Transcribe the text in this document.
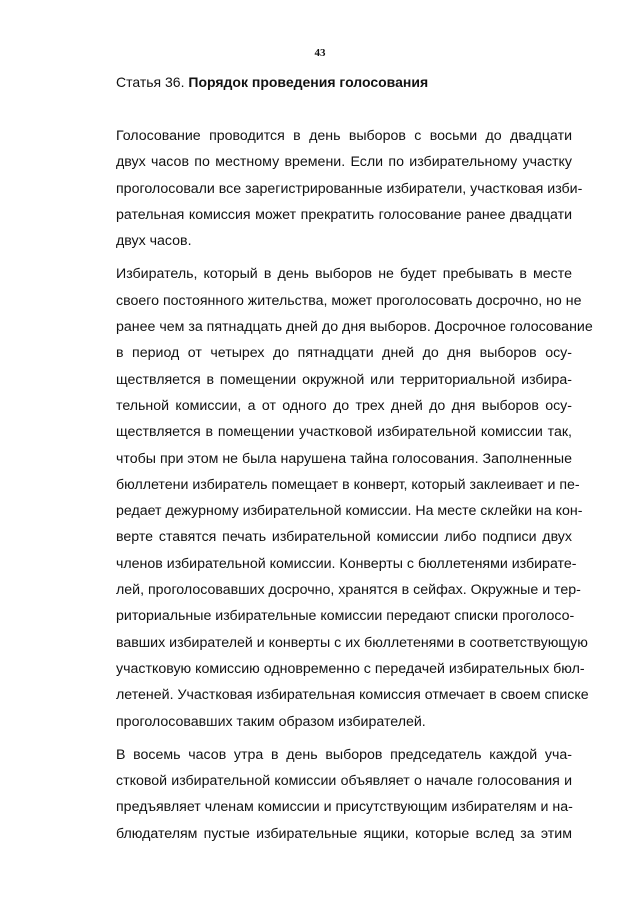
43
Статья 36. Порядок проведения голосования

Голосование проводится в день выборов с восьми до двадцати
двух часов по местному времени. Если по избирательному участку
проголосовали все зарегистрированные избиратели, участковая изби-
рательная комиссия может прекратить голосование ранее двадцати
двух часов.

Избиратель, который в день выборов не будет пребывать в месте
своего постоянного жительства, может проголосовать досрочно, но не
ранее чем за пятнадцать дней до дня выборов. Досрочное голосование
в период от четырех до пятнадцати дней до дня выборов осу-
ществляется в помещении окружной или территориальной избира-
тельной комиссии, а от одного до трех дней до дня выборов осу-
ществляется в помещении участковой избирательной комиссии так,
чтобы при этом не была нарушена тайна голосования. Заполненные
бюллетени избиратель помещает в конверт, который заклеивает и пе-
редает дежурному избирательной комиссии. На месте склейки на кон-
верте ставятся печать избирательной комиссии либо подписи двух
членов избирательной комиссии. Конверты с бюллетенями избирате-
лей, проголосовавших досрочно, хранятся в сейфах. Окружные и тер-
риториальные избирательные комиссии передают списки проголосо-
вавших избирателей и конверты с их бюллетенями в соответствующую
участковую комиссию одновременно с передачей избирательных бюл-
летеней. Участковая избирательная комиссия отмечает в своем списке
проголосовавших таким образом избирателей.

В восемь часов утра в день выборов председатель каждой уча-
стковой избирательной комиссии объявляет о начале голосования и
предъявляет членам комиссии и присутствующим избирателям и на-
блюдателям пустые избирательные ящики, которые вслед за этим
